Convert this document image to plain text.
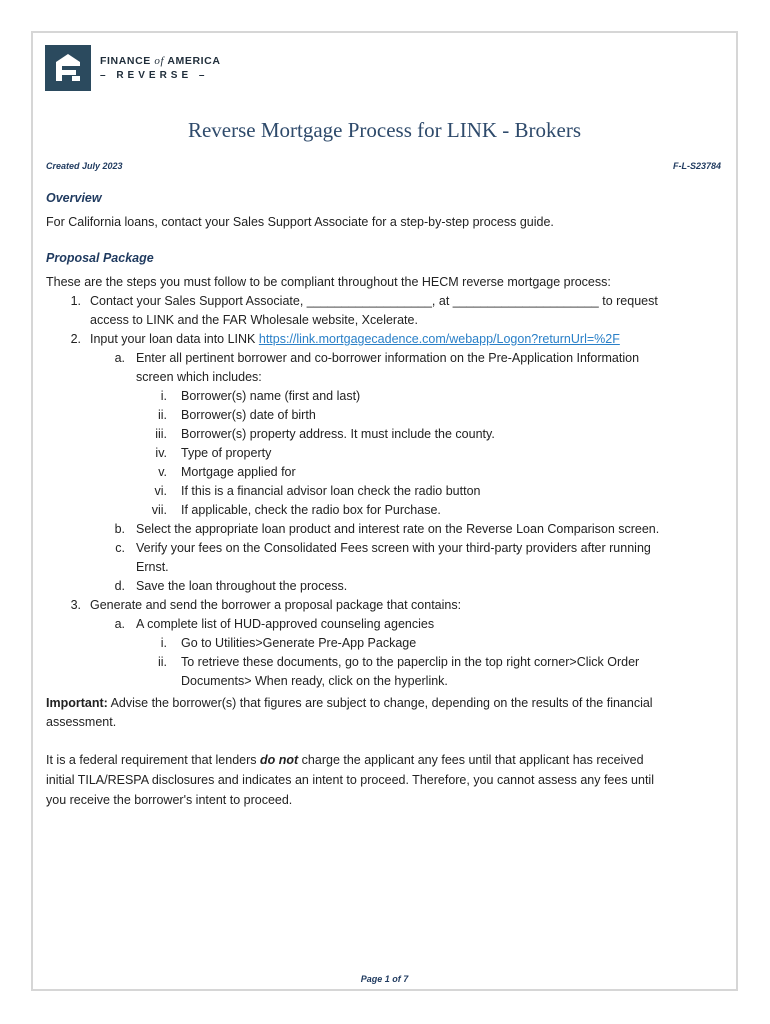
FINANCE of AMERICA
– REVERSE –
Reverse Mortgage Process for LINK - Brokers
Created July 2023	F-L-S23784
Overview
For California loans, contact your Sales Support Associate for a step-by-step process guide.
Proposal Package
These are the steps you must follow to be compliant throughout the HECM reverse mortgage process:
1. Contact your Sales Support Associate, __________________, at _____________________ to request
access to LINK and the FAR Wholesale website, Xcelerate.
2. Input your loan data into LINK https://link.mortgagecadence.com/webapp/Logon?returnUrl=%2F
a. Enter all pertinent borrower and co-borrower information on the Pre-Application Information
screen which includes:
i. Borrower(s) name (first and last)
ii. Borrower(s) date of birth
iii. Borrower(s) property address. It must include the county.
iv. Type of property
v. Mortgage applied for
vi. If this is a financial advisor loan check the radio button
vii. If applicable, check the radio box for Purchase.
b. Select the appropriate loan product and interest rate on the Reverse Loan Comparison screen.
c. Verify your fees on the Consolidated Fees screen with your third-party providers after running
Ernst.
d. Save the loan throughout the process.
3. Generate and send the borrower a proposal package that contains:
a. A complete list of HUD-approved counseling agencies
i. Go to Utilities>Generate Pre-App Package
ii. To retrieve these documents, go to the paperclip in the top right corner>Click Order
Documents> When ready, click on the hyperlink.
Important: Advise the borrower(s) that figures are subject to change, depending on the results of the financial
assessment.
It is a federal requirement that lenders do not charge the applicant any fees until that applicant has received
initial TILA/RESPA disclosures and indicates an intent to proceed. Therefore, you cannot assess any fees until
you receive the borrower's intent to proceed.
Page 1 of 7
